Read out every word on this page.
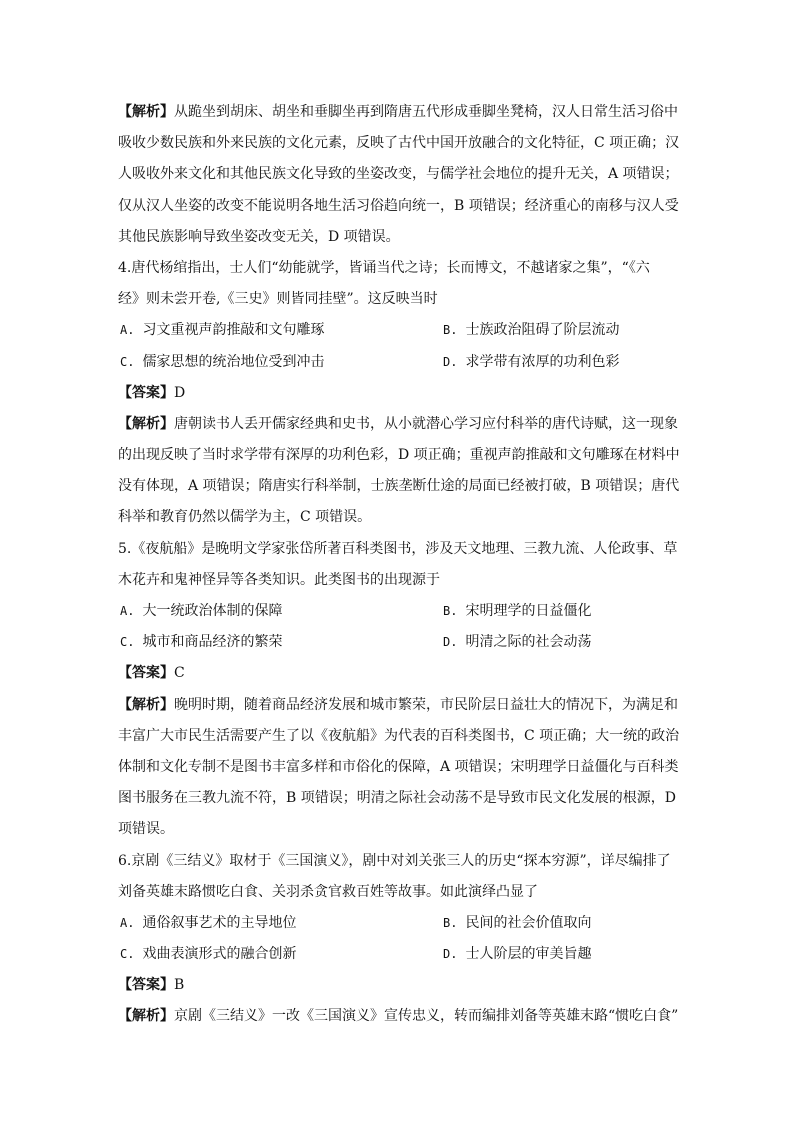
【解析】从跪坐到胡床、胡坐和垂脚坐再到隋唐五代形成垂脚坐凳椅，汉人日常生活习俗中
吸收少数民族和外来民族的文化元素，反映了古代中国开放融合的文化特征，C 项正确；汉
人吸收外来文化和其他民族文化导致的坐姿改变，与儒学社会地位的提升无关，A 项错误；
仅从汉人坐姿的改变不能说明各地生活习俗趋向统一，B 项错误；经济重心的南移与汉人受
其他民族影响导致坐姿改变无关，D 项错误。
4.唐代杨绾指出，士人们“幼能就学，皆诵当代之诗；长而博文，不越诸家之集”，“《六
经》则未尝开卷,《三史》则皆同挂壁”。这反映当时
A. 习文重视声韵推敲和文句雕琢	B. 士族政治阻碍了阶层流动
C. 儒家思想的统治地位受到冲击	D. 求学带有浓厚的功利色彩
【答案】D
【解析】唐朝读书人丢开儒家经典和史书，从小就潜心学习应付科举的唐代诗赋，这一现象
的出现反映了当时求学带有深厚的功利色彩，D 项正确；重视声韵推敲和文句雕琢在材料中
没有体现，A 项错误；隋唐实行科举制，士族垄断仕途的局面已经被打破，B 项错误；唐代
科举和教育仍然以儒学为主，C 项错误。
5.《夜航船》是晚明文学家张岱所著百科类图书，涉及天文地理、三教九流、人伦政事、草
木花卉和鬼神怪异等各类知识。此类图书的出现源于
A. 大一统政治体制的保障	B. 宋明理学的日益僵化
C. 城市和商品经济的繁荣	D. 明清之际的社会动荡
【答案】C
【解析】晚明时期，随着商品经济发展和城市繁荣，市民阶层日益壮大的情况下，为满足和
丰富广大市民生活需要产生了以《夜航船》为代表的百科类图书，C 项正确；大一统的政治
体制和文化专制不是图书丰富多样和市俗化的保障，A 项错误；宋明理学日益僵化与百科类
图书服务在三教九流不符，B 项错误；明清之际社会动荡不是导致市民文化发展的根源，D
项错误。
6.京剧《三结义》取材于《三国演义》，剧中对刘关张三人的历史“探本穷源”，详尽编排了
刘备英雄末路惯吃白食、关羽杀贪官救百姓等故事。如此演绎凸显了
A. 通俗叙事艺术的主导地位	B. 民间的社会价值取向
C. 戏曲表演形式的融合创新	D. 士人阶层的审美旨趣
【答案】B
【解析】京剧《三结义》一改《三国演义》宣传忠义，转而编排刘备等英雄末路“惯吃白食”
